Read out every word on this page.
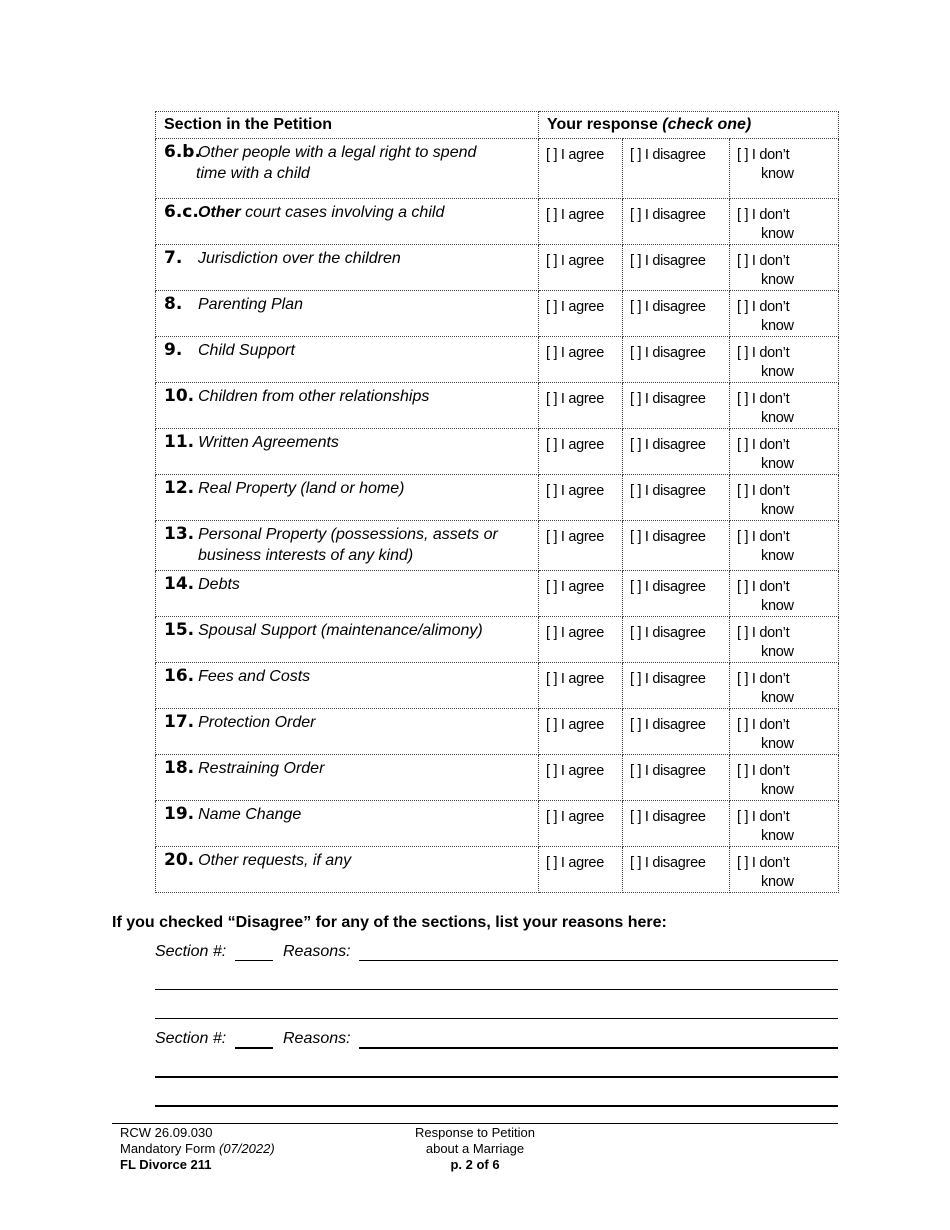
Section in the Petition	Your response (check one)		

6.b.Other people with a legal right to spend
time with a child	[ ] I agree	[ ] I disagree	[ ] I don’t
know

6.c.Other court cases involving a child	[ ] I agree	[ ] I disagree	[ ] I don’t
know

7. Jurisdiction over the children	[ ] I agree	[ ] I disagree	[ ] I don’t
know

8. Parenting Plan	[ ] I agree	[ ] I disagree	[ ] I don’t
know

9. Child Support	[ ] I agree	[ ] I disagree	[ ] I don’t
know

10. Children from other relationships	[ ] I agree	[ ] I disagree	[ ] I don’t
know

11. Written Agreements	[ ] I agree	[ ] I disagree	[ ] I don’t
know

12. Real Property (land or home)	[ ] I agree	[ ] I disagree	[ ] I don’t
know

13. Personal Property (possessions, assets or
business interests of any kind)	[ ] I agree	[ ] I disagree	[ ] I don’t
know

14. Debts	[ ] I agree	[ ] I disagree	[ ] I don’t
know

15. Spousal Support (maintenance/alimony)	[ ] I agree	[ ] I disagree	[ ] I don’t
know

16. Fees and Costs	[ ] I agree	[ ] I disagree	[ ] I don’t
know

17. Protection Order	[ ] I agree	[ ] I disagree	[ ] I don’t
know

18. Restraining Order	[ ] I agree	[ ] I disagree	[ ] I don’t
know

19. Name Change	[ ] I agree	[ ] I disagree	[ ] I don’t
know

20. Other requests, if any	[ ] I agree	[ ] I disagree	[ ] I don’t
know
If you checked “Disagree” for any of the sections, list your reasons here:
Section #:	Reasons:
Section #:	Reasons:
RCW 26.09.030
Mandatory Form (07/2022)
FL Divorce 211
Response to Petition
about a Marriage
p. 2 of 6
